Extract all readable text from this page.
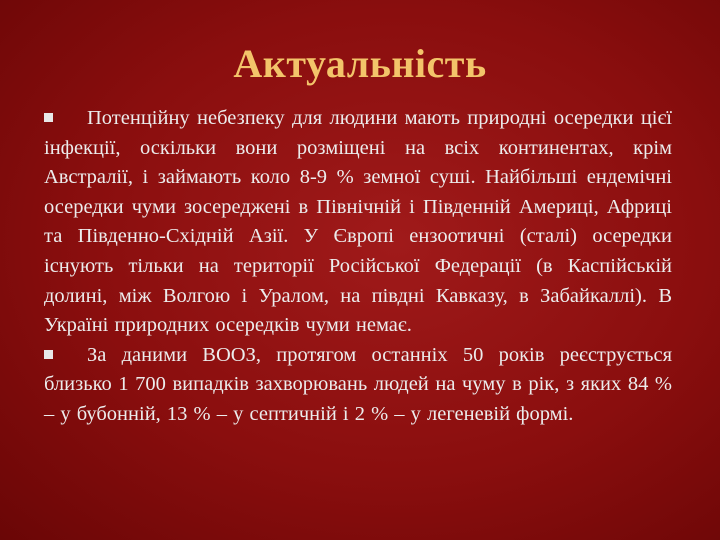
Актуальність

Потенційну небезпеку для людини мають природні осередки цієї інфекції, оскільки вони розміщені на всіх континентах, крім Австралії, і займають коло 8-9 % земної суші. Найбільші ендемічні осередки чуми зосереджені в Північній і Південній Америці, Африці та Південно-Східній Азії. У Європі ензоотичні (сталі) осередки існують тільки на території Російської Федерації (в Каспійській долині, між Волгою і Уралом, на півдні Кавказу, в Забайкаллі). В Україні природних осередків чуми немає.

За даними ВООЗ, протягом останніх 50 років реєструється близько 1 700 випадків захворювань людей на чуму в рік, з яких 84 % – у бубонній, 13 % – у септичній і 2 % – у легеневій формі.
